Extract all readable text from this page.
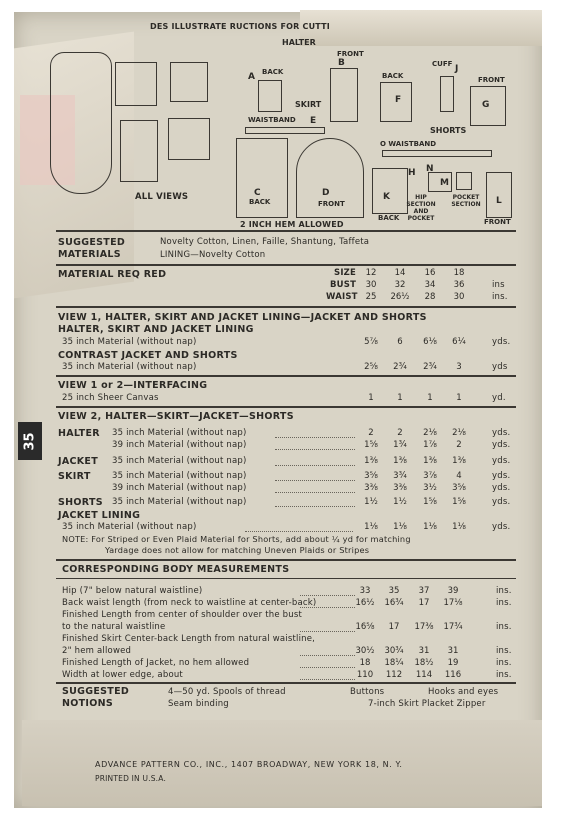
35
DES ILLUSTRATE RUCTIONS FOR CUTTI
ALL VIEWS
HALTER
FRONT
B
BACK
A
SKIRT
WAISTBAND E
C
BACK
D
FRONT
2 INCH HEM ALLOWED
BACK
F
CUFF J
FRONT
G
SHORTS
O WAISTBAND
N
H
M
K
BACK
HIP SECTION AND POCKET
POCKET SECTION	L
FRONT
SUGGESTED
MATERIALS
Novelty Cotton, Linen, Faille, Shantung, Taffeta
LINING—Novelty Cotton
MATERIAL REQ RED	SIZE	12	14	16	18
BUST	30	32	34	36	ins
WAIST 25	26½	28	30	ins.
VIEW 1, HALTER, SKIRT AND JACKET LINING—JACKET AND SHORTS
HALTER, SKIRT AND JACKET LINING
35 inch Material (without nap)	5⅞	6	6⅛	6¼	yds.
CONTRAST JACKET AND SHORTS
35 inch Material (without nap)	2⅝	2¾	2¾	3	yds
VIEW 1 or 2—INTERFACING
25 inch Sheer Canvas	1	1	1	1	yd.
VIEW 2, HALTER—SKIRT—JACKET—SHORTS
HALTER 35 inch Material (without nap)	2	2	2⅛	2⅛	yds.
39 inch Material (without nap)	1⅝	1¾	1⅞	2	yds.
JACKET 35 inch Material (without nap)	1⅜	1⅜	1⅜	1⅜	yds.
SKIRT	35 inch Material (without nap)	3⅝	3¾	3⅞	4	yds.
39 inch Material (without nap)	3⅜	3⅜	3½	3⅝	yds.
SHORTS 35 inch Material (without nap)	1½	1½	1⅝	1⅝	yds.
JACKET LINING
35 inch Material (without nap)	1⅛	1⅛	1⅛	1⅛	yds.
NOTE: For Striped or Even Plaid Material for Shorts, add about ¼ yd for matching
Yardage does not allow for matching Uneven Plaids or Stripes
CORRESPONDING BODY MEASUREMENTS
Hip (7" below natural waistline)	33	35	37	39	ins.
Back waist length (from neck to waistline at center-back)	16½	16¾	17	17⅛	ins.
Finished Length from center of shoulder over the bust
to the natural waistline	16⅝	17	17⅜	17¾	ins.
Finished Skirt Center-back Length from natural waistline,
2" hem allowed	30½	30¾	31	31	ins.
Finished Length of Jacket, no hem allowed	18	18¼	18½	19	ins.
Width at lower edge, about	110	112	114	116	ins.
SUGGESTED
NOTIONS
4—50 yd. Spools of thread
Seam binding
Buttons	Hooks and eyes
7-inch Skirt Placket Zipper
ADVANCE PATTERN CO., INC., 1407 BROADWAY, NEW YORK 18, N. Y.
PRINTED IN U.S.A.
